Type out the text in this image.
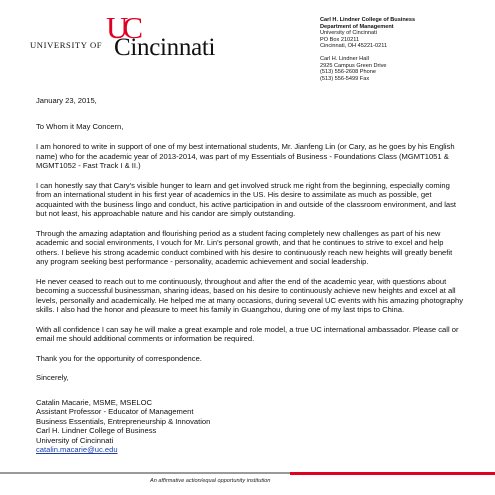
UC
UNIVERSITY OF Cincinnati
Carl H. Lindner College of Business
Department of Management
University of Cincinnati
PO Box 210211
Cincinnati, OH 45221-0211
Carl H. Lindner Hall
2925 Campus Green Drive
(513) 556-2608 Phone
(513) 556-5499 Fax

January 23, 2015,

To Whom it May Concern,

I am honored to write in support of one of my best international students, Mr. Jianfeng Lin (or Cary, as he goes by his English name) who for the academic year of 2013-2014, was part of my Essentials of Business - Foundations Class (MGMT1051 & MGMT1052 - Fast Track I & II.)

I can honestly say that Cary's visible hunger to learn and get involved struck me right from the beginning, especially coming from an international student in his first year of academics in the US. His desire to assimilate as much as possible, get acquainted with the business lingo and conduct, his active participation in and outside of the classroom environment, and last but not least, his approachable nature and his candor are simply outstanding.

Through the amazing adaptation and flourishing period as a student facing completely new challenges as part of his new academic and social environments, I vouch for Mr. Lin's personal growth, and that he continues to strive to excel and help others. I believe his strong academic conduct combined with his desire to continuously reach new heights will greatly benefit any program seeking best performance - personality, academic achievement and social leadership.

He never ceased to reach out to me continuously, throughout and after the end of the academic year, with questions about becoming a successful businessman, sharing ideas, based on his desire to continuously achieve new heights and excel at all levels, personally and academically. He helped me at many occasions, during several UC events with his amazing photography skills. I also had the honor and pleasure to meet his family in Guangzhou, during one of my last trips to China.

With all confidence I can say he will make a great example and role model, a true UC international ambassador. Please call or email me should additional comments or information be required.

Thank you for the opportunity of correspondence.

Sincerely,

Catalin Macarie, MSME, MSELOC

Assistant Professor - Educator of Management

Business Essentials, Entrepreneurship & Innovation

Carl H. Lindner College of Business

University of Cincinnati

catalin.macarie@uc.edu

An affirmative action/equal opportunity institution
